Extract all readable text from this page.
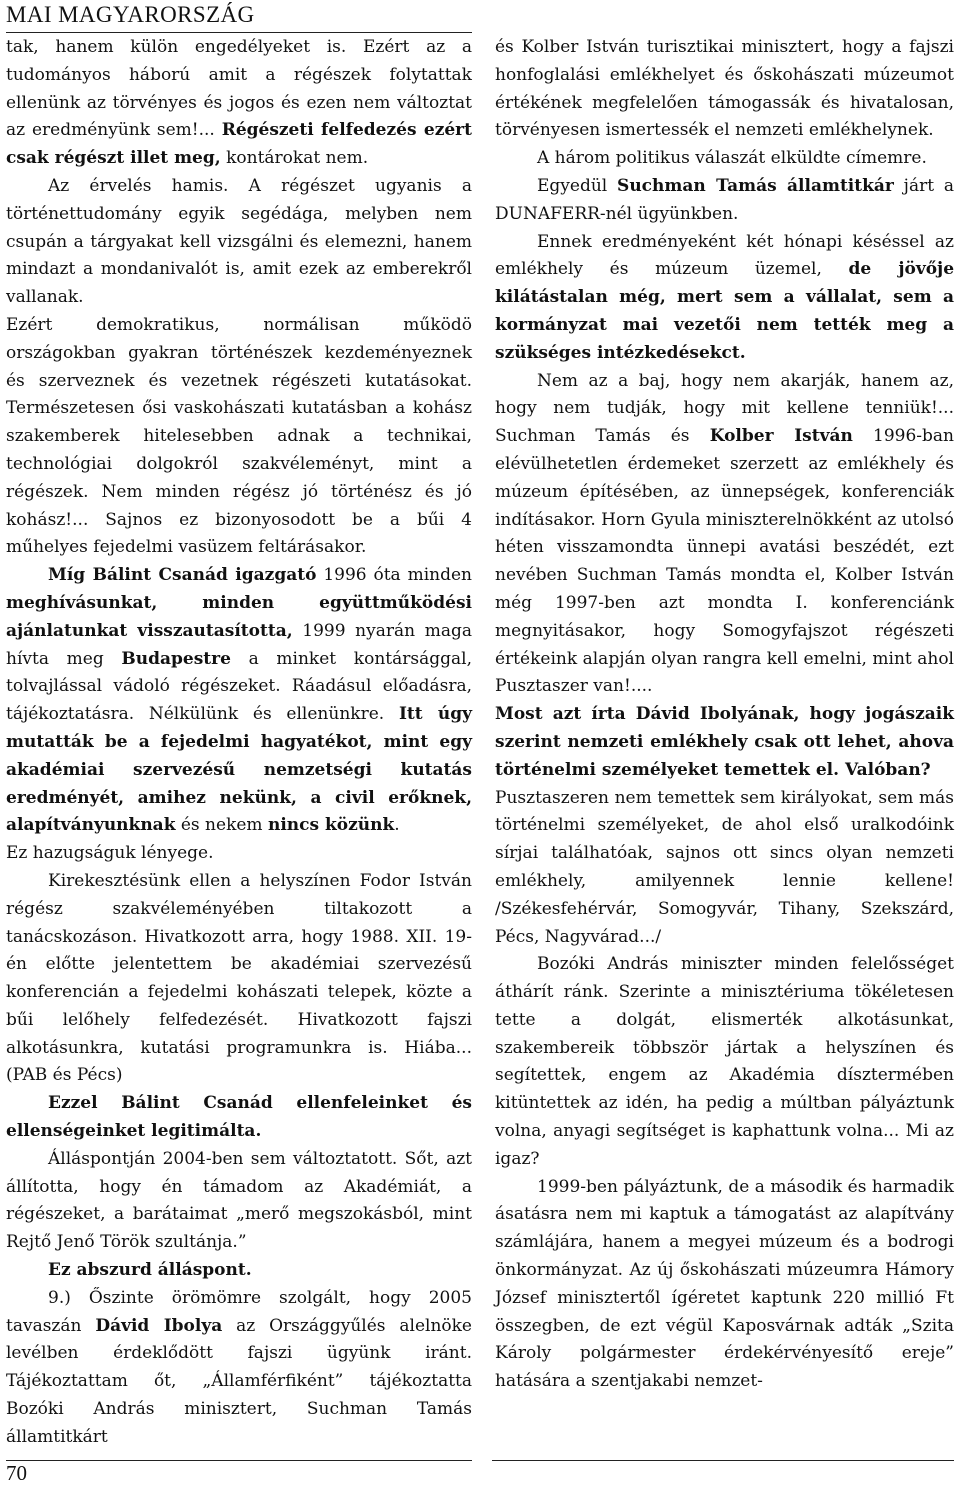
MAI MAGYARORSZÁG

tak, hanem külön engedélyeket is. Ezért az a tudományos háború amit a régészek folytattak ellenünk az törvényes és jogos és ezen nem változtat az eredményünk sem!... Régészeti felfedezés ezért csak régészt illet meg, kontárokat nem.

Az érvelés hamis. A régészet ugyanis a történettudomány egyik segédága, melyben nem csupán a tárgyakat kell vizsgálni és elemezni, hanem mindazt a mondanivalót is, amit ezek az emberekről vallanak.

Ezért demokratikus, normálisan működö országokban gyakran történészek kezdeményeznek és szerveznek és vezetnek régészeti kutatásokat. Természetesen ősi vaskohászati kutatásban a kohász szakemberek hitelesebben adnak a technikai, technológiai dolgokról szakvéleményt, mint a régészek. Nem minden régész jó történész és jó kohász!... Sajnos ez bizonyosodott be a bűi 4 műhelyes fejedelmi vasüzem feltárásakor.

Míg Bálint Csanád igazgató 1996 óta minden meghívásunkat, minden együttműködési ajánlatunkat visszautasította, 1999 nyarán maga hívta meg Budapestre a minket kontársággal, tolvajlással vádoló régészeket. Ráadásul előadásra, tájékoztatásra. Nélkülünk és ellenünkre. Itt úgy mutatták be a fejedelmi hagyatékot, mint egy akadémiai szervezésű nemzetségi kutatás eredményét, amihez nekünk, a civil erőknek, alapítványunknak és nekem nincs közünk.

Ez hazugságuk lényege.

Kirekesztésünk ellen a helyszínen Fodor István régész szakvéleményében tiltakozott a tanácskozáson. Hivatkozott arra, hogy 1988. XII. 19-én előtte jelentettem be akadémiai szervezésű konferencián a fejedelmi kohászati telepek, közte a bűi lelőhely felfedezését. Hivatkozott fajszi alkotásunkra, kutatási programunkra is. Hiába... (PAB és Pécs)

Ezzel Bálint Csanád ellenfeleinket és ellenségeinket legitimálta.

Álláspontján 2004-ben sem változtatott. Sőt, azt állította, hogy én támadom az Akadémiát, a régészeket, a barátaimat „merő megszokásból, mint Rejtő Jenő Török szultánja.”

Ez abszurd álláspont.

9.) Őszinte örömömre szolgált, hogy 2005 tavaszán Dávid Ibolya az Országgyűlés alelnöke levélben érdeklődött fajszi ügyünk iránt. Tájékoztattam őt, „Államférfiként” tájékoztatta Bozóki András minisztert, Suchman Tamás államtitkárt

és Kolber István turisztikai minisztert, hogy a fajszi honfoglalási emlékhelyet és őskohászati múzeumot értékének megfelelően támogassák és hivatalosan, törvényesen ismertessék el nemzeti emlékhelynek.

A három politikus válaszát elküldte címemre.

Egyedül Suchman Tamás államtitkár járt a DUNAFERR-nél ügyünkben.

Ennek eredményeként két hónapi késéssel az emlékhely és múzeum üzemel, de jövője kilátástalan még, mert sem a vállalat, sem a kormányzat mai vezetői nem tették meg a szükséges intézkedésekct.

Nem az a baj, hogy nem akarják, hanem az, hogy nem tudják, hogy mit kellene tenniük!... Suchman Tamás és Kolber István 1996-ban elévülhetetlen érdemeket szerzett az emlékhely és múzeum építésében, az ünnepségek, konferenciák indításakor. Horn Gyula miniszterelnökként az utolsó héten visszamondta ünnepi avatási beszédét, ezt nevében Suchman Tamás mondta el, Kolber István még 1997-ben azt mondta I. konferenciánk megnyitásakor, hogy Somogyfajszot régészeti értékeink alapján olyan rangra kell emelni, mint ahol Pusztaszer van!....

Most azt írta Dávid Ibolyának, hogy jogászaik szerint nemzeti emlékhely csak ott lehet, ahova történelmi személyeket temettek el. Valóban?

Pusztaszeren nem temettek sem királyokat, sem más történelmi személyeket, de ahol első uralkodóink sírjai találhatóak, sajnos ott sincs olyan nemzeti emlékhely, amilyennek lennie kellene! /Székesfehérvár, Somogyvár, Tihany, Szekszárd, Pécs, Nagyvárad.../

Bozóki András miniszter minden felelősséget áthárít ránk. Szerinte a minisztériuma tökéletesen tette a dolgát, elismerték alkotásunkat, szakembereik többször jártak a helyszínen és segítettek, engem az Akadémia dísztermében kitüntettek az idén, ha pedig a múltban pályáztunk volna, anyagi segítséget is kaphattunk volna... Mi az igaz?

1999-ben pályáztunk, de a második és harmadik ásatásra nem mi kaptuk a támogatást az alapítvány számlájára, hanem a megyei múzeum és a bodrogi önkormányzat. Az új őskohászati múzeumra Hámory József minisztertől ígéretet kaptunk 220 millió Ft összegben, de ezt végül Kaposvárnak adták „Szita Károly polgármester érdekérvényesítő ereje” hatására a szentjakabi nemzet-

70
